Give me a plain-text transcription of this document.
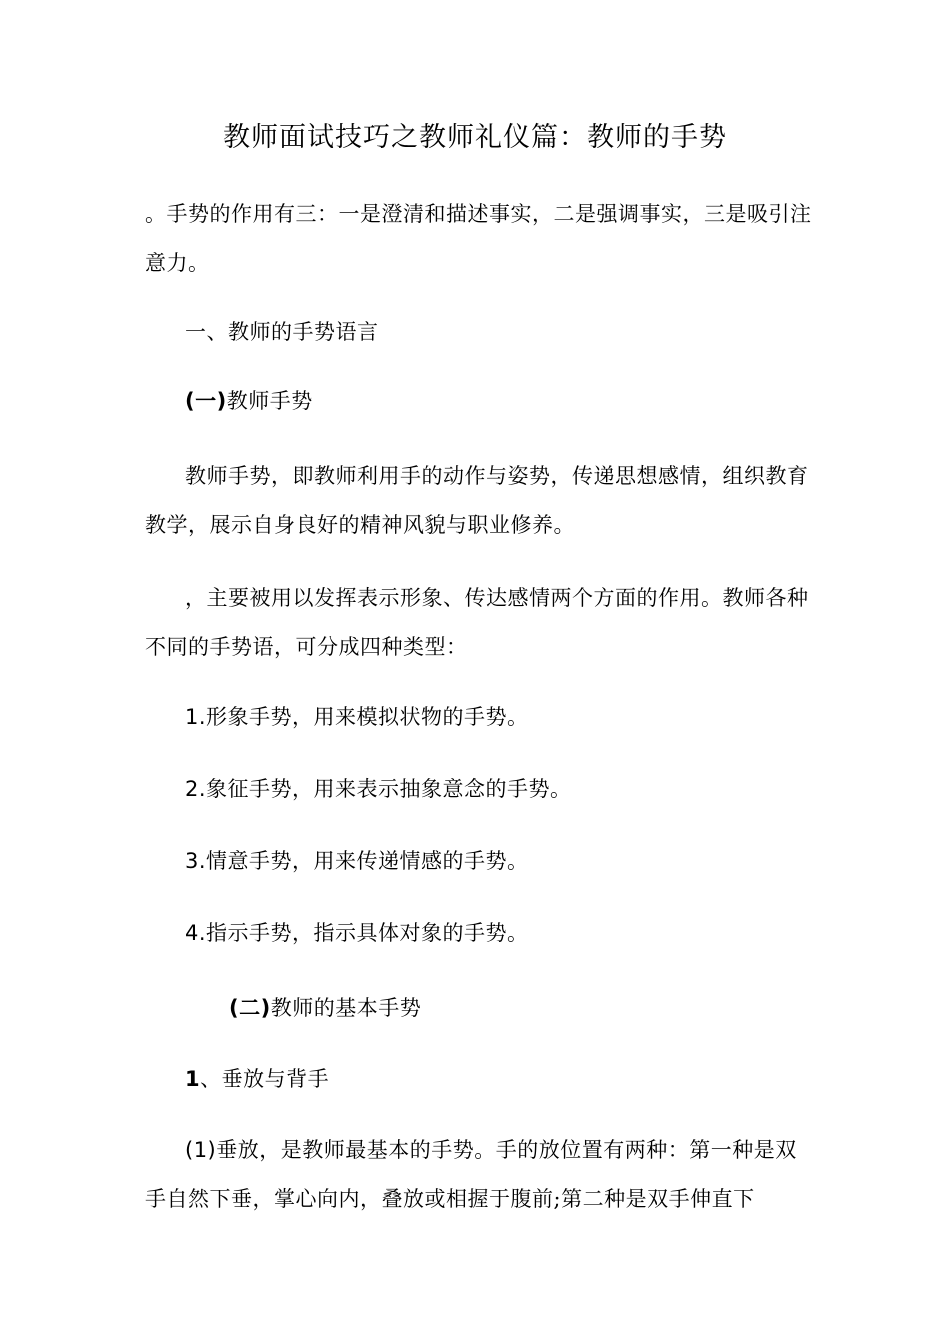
教师面试技巧之教师礼仪篇：教师的手势
。手势的作用有三：一是澄清和描述事实，二是强调事实，三是吸引注意力。
一、教师的手势语言
(一)教师手势
教师手势，即教师利用手的动作与姿势，传递思想感情，组织教育教学，展示自身良好的精神风貌与职业修养。
，主要被用以发挥表示形象、传达感情两个方面的作用。教师各种不同的手势语，可分成四种类型：
1.形象手势，用来模拟状物的手势。
2.象征手势，用来表示抽象意念的手势。
3.情意手势，用来传递情感的手势。
4.指示手势，指示具体对象的手势。
(二)教师的基本手势
1、垂放与背手
(1)垂放，是教师最基本的手势。手的放位置有两种：第一种是双手自然下垂，掌心向内，叠放或相握于腹前;第二种是双手伸直下
